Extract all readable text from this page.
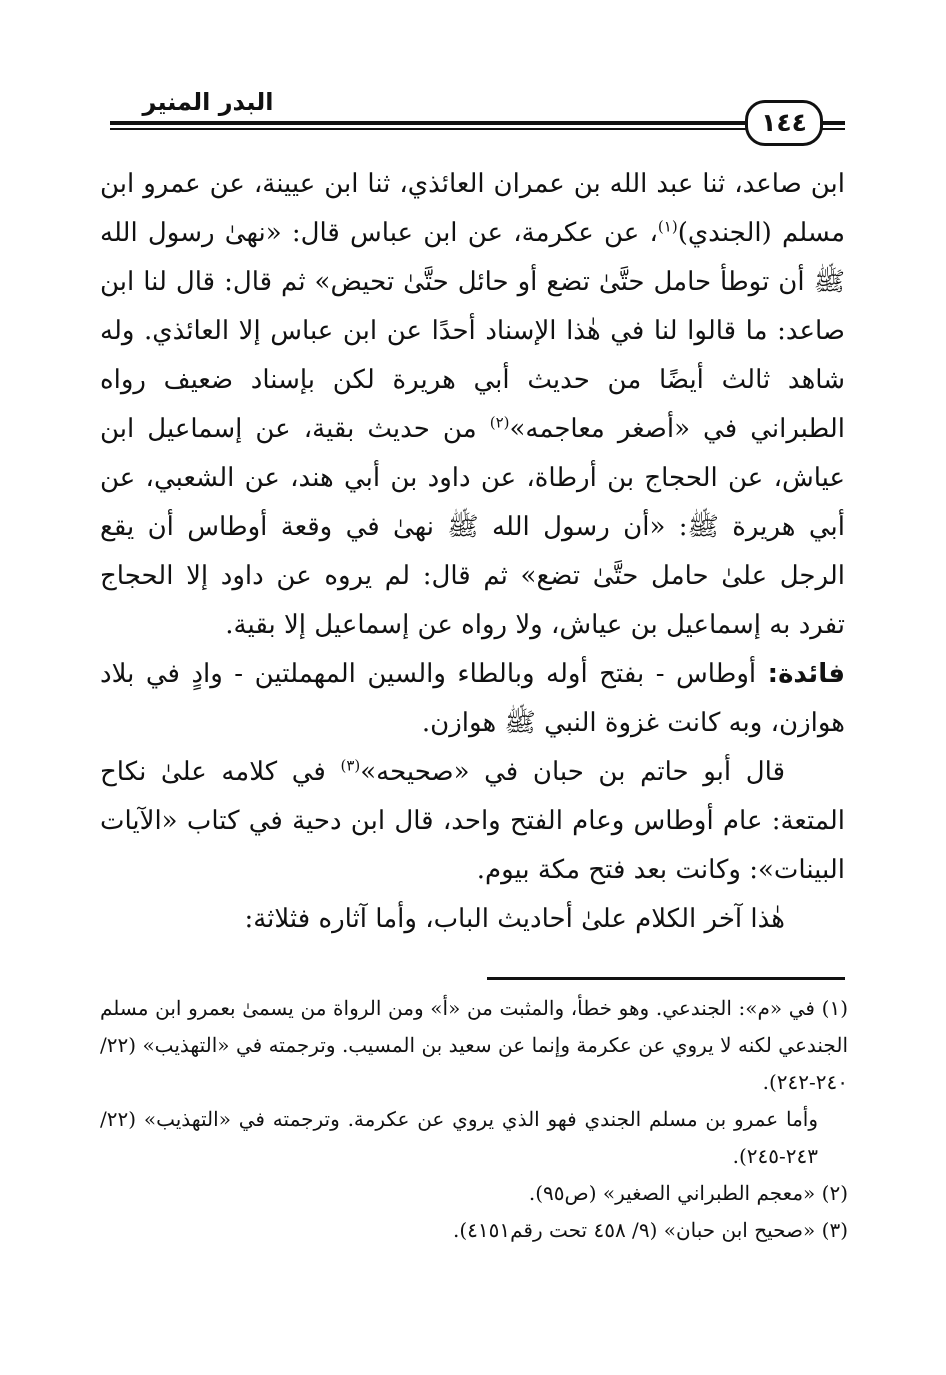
البدر المنير
١٤٤

ابن صاعد، ثنا عبد الله بن عمران العائذي، ثنا ابن عيينة، عن عمرو ابن مسلم (الجندي)$^{(١)}$، عن عكرمة، عن ابن عباس قال: «نهىٰ رسول الله ﷺ أن توطأ حامل حتَّىٰ تضع أو حائل حتَّىٰ تحيض» ثم قال: قال لنا ابن صاعد: ما قالوا لنا في هٰذا الإسناد أحدًا عن ابن عباس إلا العائذي. وله شاهد ثالث أيضًا من حديث أبي هريرة لكن بإسناد ضعيف رواه الطبراني في «أصغر معاجمه»$^{(٢)}$ من حديث بقية، عن إسماعيل ابن عياش، عن الحجاج بن أرطاة، عن داود بن أبي هند، عن الشعبي، عن أبي هريرة ﷺ: «أن رسول الله ﷺ نهىٰ في وقعة أوطاس أن يقع الرجل علىٰ حامل حتَّىٰ تضع» ثم قال: لم يروه عن داود إلا الحجاج تفرد به إسماعيل بن عياش، ولا رواه عن إسماعيل إلا بقية.

فائدة: أوطاس - بفتح أوله وبالطاء والسين المهملتين - وادٍ في بلاد هوازن، وبه كانت غزوة النبي ﷺ هوازن.

قال أبو حاتم بن حبان في «صحيحه»$^{(٣)}$ في كلامه علىٰ نكاح المتعة: عام أوطاس وعام الفتح واحد، قال ابن دحية في كتاب «الآيات البينات»: وكانت بعد فتح مكة بيوم.

هٰذا آخر الكلام علىٰ أحاديث الباب، وأما آثاره فثلاثة:

(١) في «م»: الجندعي. وهو خطأ، والمثبت من «أ» ومن الرواة من يسمىٰ بعمرو ابن مسلم الجندعي لكنه لا يروي عن عكرمة وإنما عن سعيد بن المسيب. وترجمته في «التهذيب» (٢٢/ ٢٤٠-٢٤٢).

وأما عمرو بن مسلم الجندي فهو الذي يروي عن عكرمة. وترجمته في «التهذيب» (٢٢/ ٢٤٣-٢٤٥).

(٢) «معجم الطبراني الصغير» (ص٩٥).

(٣) «صحيح ابن حبان» (٩/ ٤٥٨ تحت رقم٤١٥١).
